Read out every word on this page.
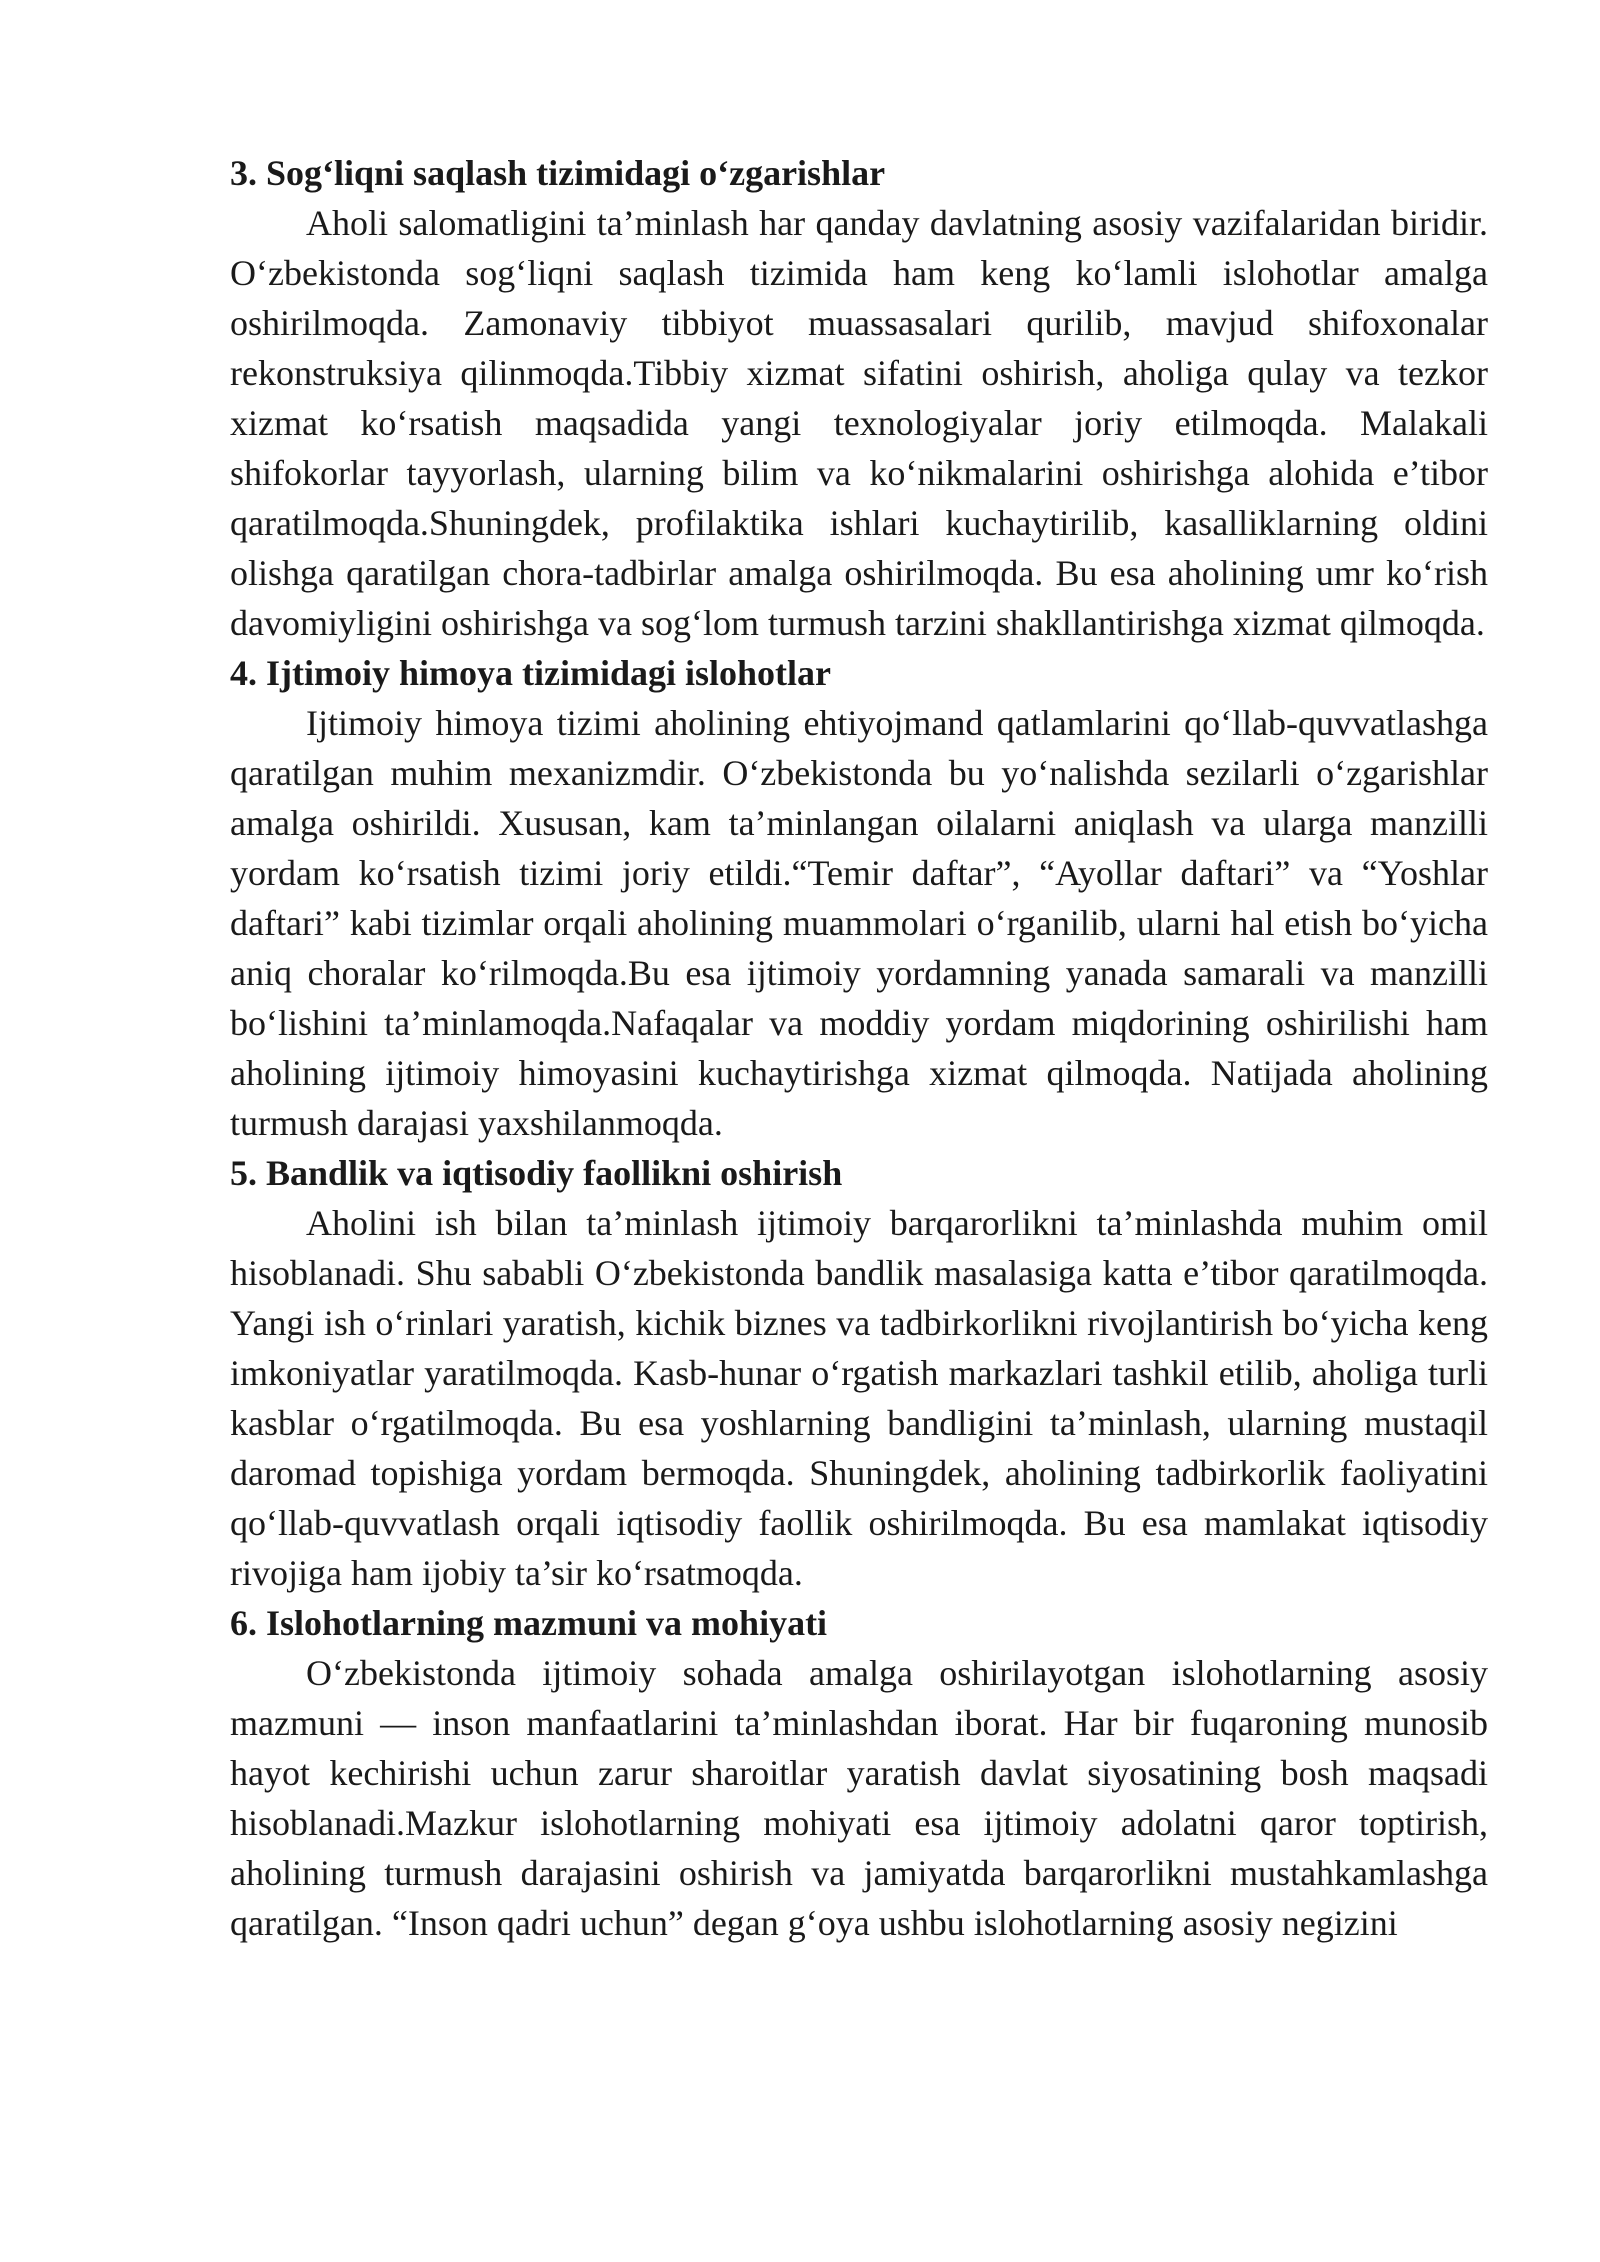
3. Sog‘liqni saqlash tizimidagi o‘zgarishlar

Aholi salomatligini ta’minlash har qanday davlatning asosiy vazifalaridan biridir. O‘zbekistonda sog‘liqni saqlash tizimida ham keng ko‘lamli islohotlar amalga oshirilmoqda. Zamonaviy tibbiyot muassasalari qurilib, mavjud shifoxonalar rekonstruksiya qilinmoqda.Tibbiy xizmat sifatini oshirish, aholiga qulay va tezkor xizmat ko‘rsatish maqsadida yangi texnologiyalar joriy etilmoqda. Malakali shifokorlar tayyorlash, ularning bilim va ko‘nikmalarini oshirishga alohida e’tibor qaratilmoqda.Shuningdek, profilaktika ishlari kuchaytirilib, kasalliklarning oldini olishga qaratilgan chora-tadbirlar amalga oshirilmoqda. Bu esa aholining umr ko‘rish davomiyligini oshirishga va sog‘lom turmush tarzini shakllantirishga xizmat qilmoqda.

4. Ijtimoiy himoya tizimidagi islohotlar

Ijtimoiy himoya tizimi aholining ehtiyojmand qatlamlarini qo‘llab-quvvatlashga qaratilgan muhim mexanizmdir. O‘zbekistonda bu yo‘nalishda sezilarli o‘zgarishlar amalga oshirildi. Xususan, kam ta’minlangan oilalarni aniqlash va ularga manzilli yordam ko‘rsatish tizimi joriy etildi.“Temir daftar”, “Ayollar daftari” va “Yoshlar daftari” kabi tizimlar orqali aholining muammolari o‘rganilib, ularni hal etish bo‘yicha aniq choralar ko‘rilmoqda.Bu esa ijtimoiy yordamning yanada samarali va manzilli bo‘lishini ta’minlamoqda.Nafaqalar va moddiy yordam miqdorining oshirilishi ham aholining ijtimoiy himoyasini kuchaytirishga xizmat qilmoqda. Natijada aholining turmush darajasi yaxshilanmoqda.

5. Bandlik va iqtisodiy faollikni oshirish

Aholini ish bilan ta’minlash ijtimoiy barqarorlikni ta’minlashda muhim omil hisoblanadi. Shu sababli O‘zbekistonda bandlik masalasiga katta e’tibor qaratilmoqda. Yangi ish o‘rinlari yaratish, kichik biznes va tadbirkorlikni rivojlantirish bo‘yicha keng imkoniyatlar yaratilmoqda. Kasb-hunar o‘rgatish markazlari tashkil etilib, aholiga turli kasblar o‘rgatilmoqda. Bu esa yoshlarning bandligini ta’minlash, ularning mustaqil daromad topishiga yordam bermoqda. Shuningdek, aholining tadbirkorlik faoliyatini qo‘llab-quvvatlash orqali iqtisodiy faollik oshirilmoqda. Bu esa mamlakat iqtisodiy rivojiga ham ijobiy ta’sir ko‘rsatmoqda.

6. Islohotlarning mazmuni va mohiyati

O‘zbekistonda ijtimoiy sohada amalga oshirilayotgan islohotlarning asosiy mazmuni — inson manfaatlarini ta’minlashdan iborat. Har bir fuqaroning munosib hayot kechirishi uchun zarur sharoitlar yaratish davlat siyosatining bosh maqsadi hisoblanadi.Mazkur islohotlarning mohiyati esa ijtimoiy adolatni qaror toptirish, aholining turmush darajasini oshirish va jamiyatda barqarorlikni mustahkamlashga qaratilgan. “Inson qadri uchun” degan g‘oya ushbu islohotlarning asosiy negizini
